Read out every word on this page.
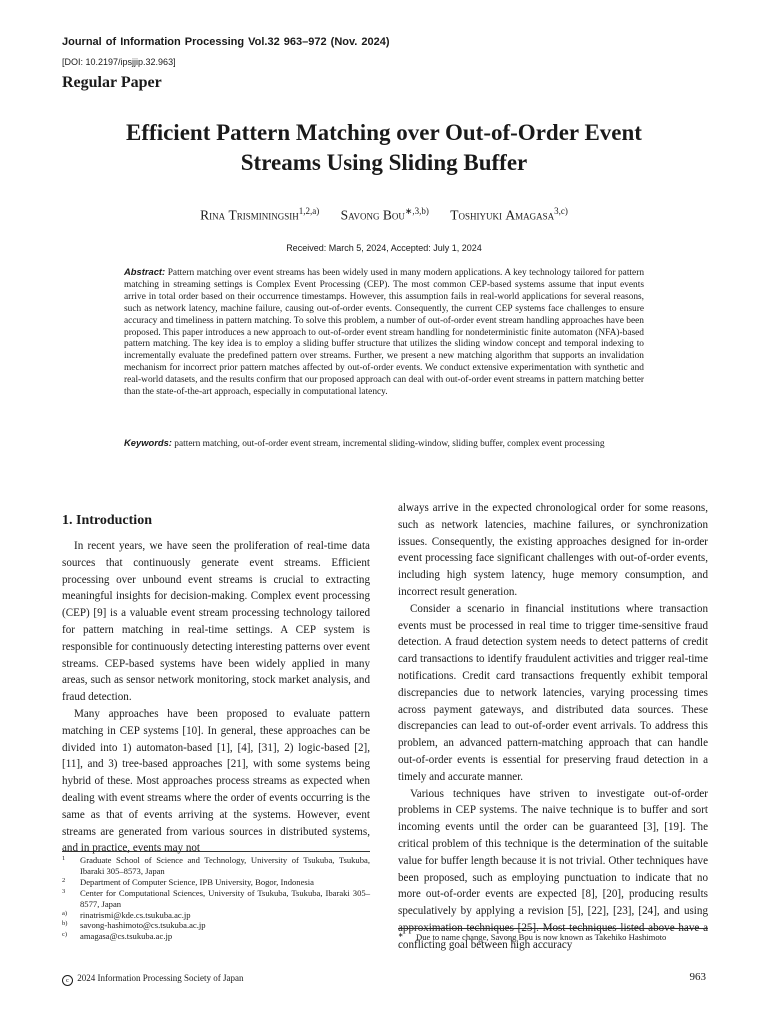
Journal of Information Processing Vol.32 963–972 (Nov. 2024)
[DOI: 10.2197/ipsjjip.32.963]
Regular Paper
Efficient Pattern Matching over Out-of-Order Event
Streams Using Sliding Buffer
Rina Trisminingsih$^{1,2,a)}$ Savong Bou$^{∗,3,b)}$ Toshiyuki Amagasa$^{3,c)}$
Received: March 5, 2024, Accepted: July 1, 2024

Abstract: Pattern matching over event streams has been widely used in many modern applications. A key technology tailored for pattern matching in streaming settings is Complex Event Processing (CEP). The most common CEP-based systems assume that input events arrive in total order based on their occurrence timestamps. However, this assumption fails in real-world applications for several reasons, such as network latency, machine failure, causing out-of-order events. Consequently, the current CEP systems face challenges to ensure accuracy and timeliness in pattern matching. To solve this problem, a number of out-of-order event stream handling approaches have been proposed. This paper introduces a new approach to out-of-order event stream handling for nondeterministic finite automaton (NFA)-based pattern matching. The key idea is to employ a sliding buffer structure that utilizes the sliding window concept and temporal indexing to incrementally evaluate the predefined pattern over streams. Further, we present a new matching algorithm that supports an invalidation mechanism for incorrect prior pattern matches affected by out-of-order events. We conduct extensive experimentation with synthetic and real-world datasets, and the results confirm that our proposed approach can deal with out-of-order event streams in pattern matching better than the state-of-the-art approach, especially in computational latency.

Keywords: pattern matching, out-of-order event stream, incremental sliding-window, sliding buffer, complex event processing

1. Introduction

In recent years, we have seen the proliferation of real-time data sources that continuously generate event streams. Efficient processing over unbound event streams is crucial to extracting meaningful insights for decision-making. Complex event processing (CEP) [9] is a valuable event stream processing technology tailored for pattern matching in real-time settings. A CEP system is responsible for continuously detecting interesting patterns over event streams. CEP-based systems have been widely applied in many areas, such as sensor network monitoring, stock market analysis, and fraud detection.

Many approaches have been proposed to evaluate pattern matching in CEP systems [10]. In general, these approaches can be divided into 1) automaton-based [1], [4], [31], 2) logic-based [2], [11], and 3) tree-based approaches [21], with some systems being hybrid of these. Most approaches process streams as expected when dealing with event streams where the order of events occurring is the same as that of events arriving at the systems. However, event streams are generated from various sources in distributed systems, and in practice, events may not

always arrive in the expected chronological order for some reasons, such as network latencies, machine failures, or synchronization issues. Consequently, the existing approaches designed for in-order event processing face significant challenges with out-of-order events, including high system latency, huge memory consumption, and incorrect result generation.

Consider a scenario in financial institutions where transaction events must be processed in real time to trigger time-sensitive fraud detection. A fraud detection system needs to detect patterns of credit card transactions to identify fraudulent activities and trigger real-time notifications. Credit card transactions frequently exhibit temporal discrepancies due to network latencies, varying processing times across payment gateways, and distributed data sources. These discrepancies can lead to out-of-order event arrivals. To address this problem, an advanced pattern-matching approach that can handle out-of-order events is essential for preserving fraud detection in a timely and accurate manner.

Various techniques have striven to investigate out-of-order problems in CEP systems. The naive technique is to buffer and sort incoming events until the order can be guaranteed [3], [19]. The critical problem of this technique is the determination of the suitable value for buffer length because it is not trivial. Other techniques have been proposed, such as employing punctuation to indicate that no more out-of-order events are expected [8], [20], producing results speculatively by applying a revision [5], [22], [23], [24], and using approximation techniques [25]. Most techniques listed above have a conflicting goal between high accuracy

1 Graduate School of Science and Technology, University of Tsukuba, Tsukuba, Ibaraki 305–8573, Japan
2 Department of Computer Science, IPB University, Bogor, Indonesia
3 Center for Computational Sciences, University of Tsukuba, Tsukuba, Ibaraki 305–8577, Japan
a) rinatrismi@kde.cs.tsukuba.ac.jp
b) savong-hashimoto@cs.tsukuba.ac.jp
c) amagasa@cs.tsukuba.ac.jp	∗ Due to name change, Savong Bou is now known as Takehiko Hashimoto
c 2024 Information Processing Society of Japan	963
